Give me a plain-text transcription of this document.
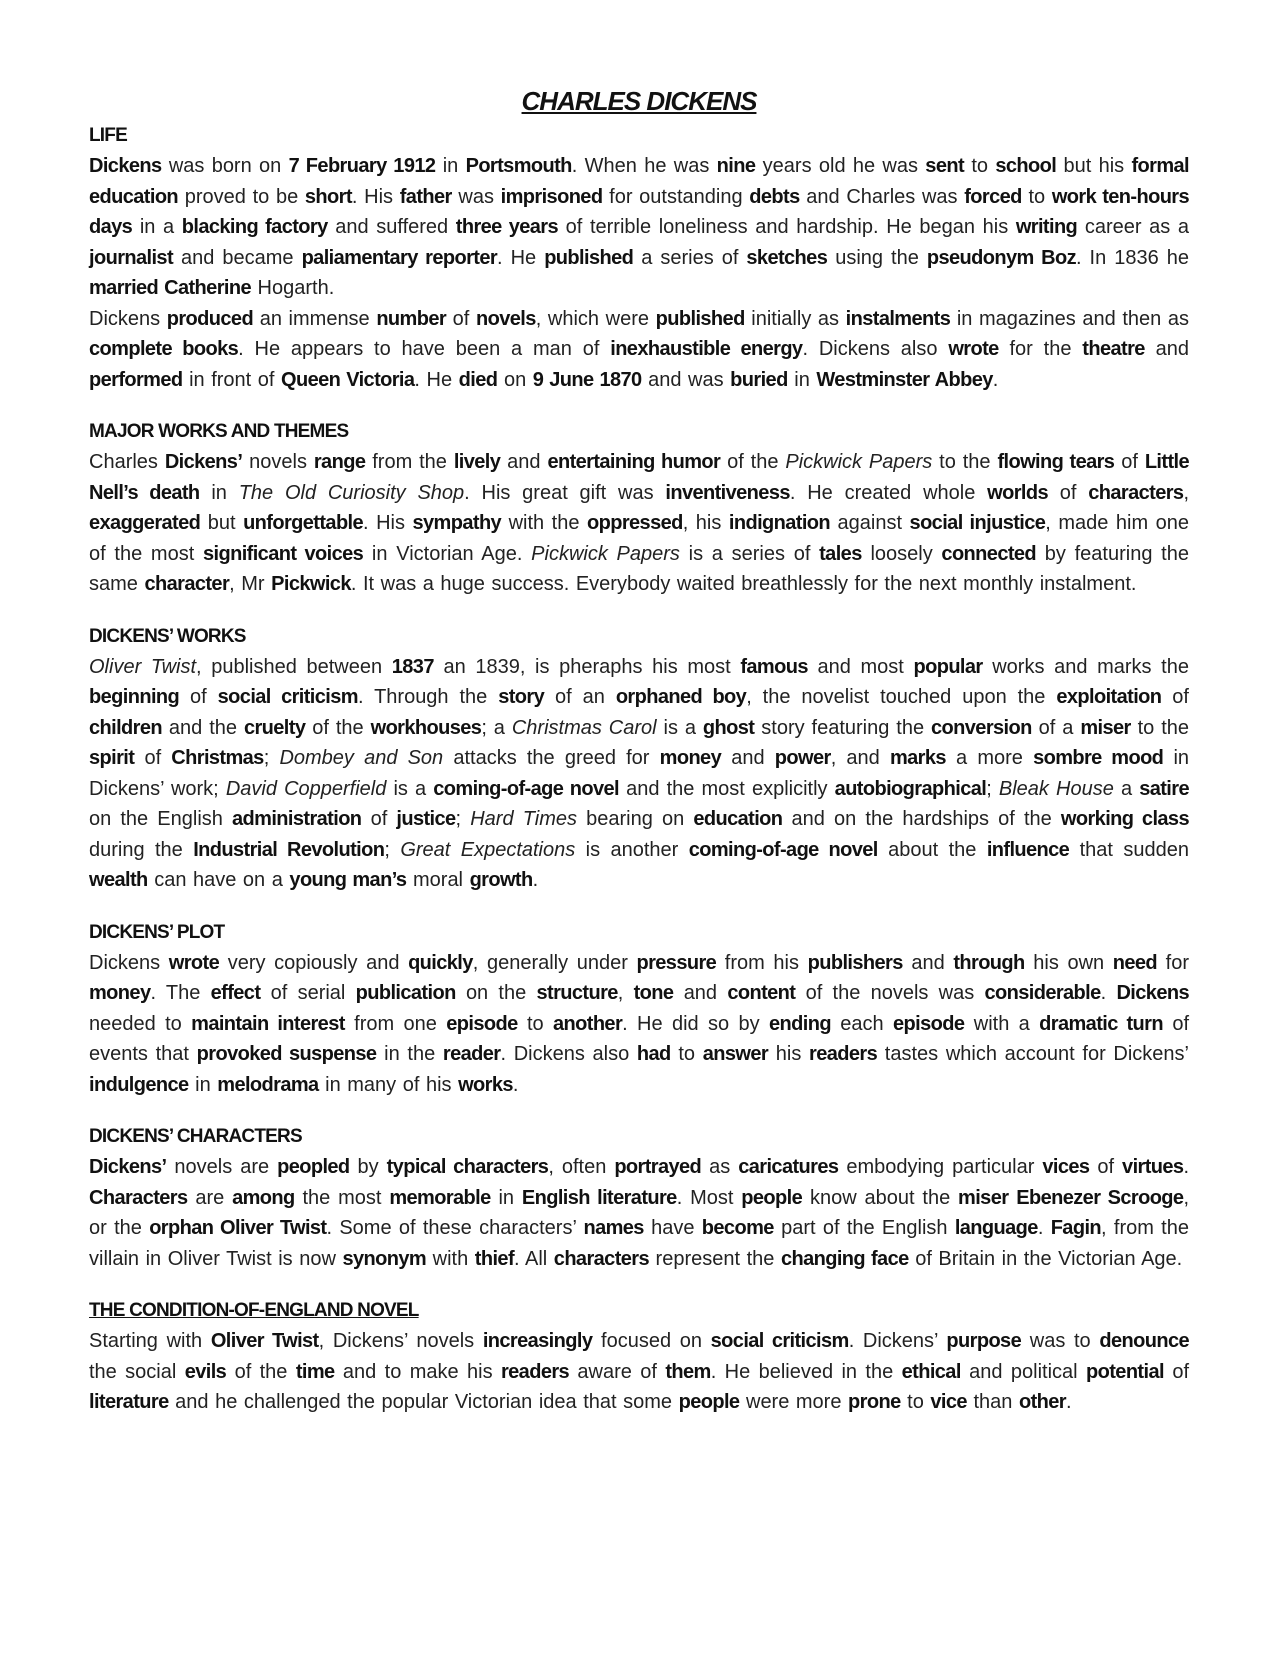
CHARLES DICKENS
LIFE

Dickens was born on 7 February 1912 in Portsmouth. When he was nine years old he was sent to school but his formal education proved to be short. His father was imprisoned for outstanding debts and Charles was forced to work ten-hours days in a blacking factory and suffered three years of terrible loneliness and hardship. He began his writing career as a journalist and became paliamentary reporter. He published a series of sketches using the pseudonym Boz. In 1836 he married Catherine Hogarth.

Dickens produced an immense number of novels, which were published initially as instalments in magazines and then as complete books. He appears to have been a man of inexhaustible energy. Dickens also wrote for the theatre and performed in front of Queen Victoria. He died on 9 June 1870 and was buried in Westminster Abbey.

MAJOR WORKS AND THEMES

Charles Dickens’ novels range from the lively and entertaining humor of the Pickwick Papers to the flowing tears of Little Nell’s death in The Old Curiosity Shop. His great gift was inventiveness. He created whole worlds of characters, exaggerated but unforgettable. His sympathy with the oppressed, his indignation against social injustice, made him one of the most significant voices in Victorian Age. Pickwick Papers is a series of tales loosely connected by featuring the same character, Mr Pickwick. It was a huge success. Everybody waited breathlessly for the next monthly instalment.

DICKENS’ WORKS

Oliver Twist, published between 1837 an 1839, is pheraphs his most famous and most popular works and marks the beginning of social criticism. Through the story of an orphaned boy, the novelist touched upon the exploitation of children and the cruelty of the workhouses; a Christmas Carol is a ghost story featuring the conversion of a miser to the spirit of Christmas; Dombey and Son attacks the greed for money and power, and marks a more sombre mood in Dickens’ work; David Copperfield is a coming-of-age novel and the most explicitly autobiographical; Bleak House a satire on the English administration of justice; Hard Times bearing on education and on the hardships of the working class during the Industrial Revolution; Great Expectations is another coming-of-age novel about the influence that sudden wealth can have on a young man’s moral growth.

DICKENS’ PLOT

Dickens wrote very copiously and quickly, generally under pressure from his publishers and through his own need for money. The effect of serial publication on the structure, tone and content of the novels was considerable. Dickens needed to maintain interest from one episode to another. He did so by ending each episode with a dramatic turn of events that provoked suspense in the reader. Dickens also had to answer his readers tastes which account for Dickens’ indulgence in melodrama in many of his works.

DICKENS’ CHARACTERS

Dickens’ novels are peopled by typical characters, often portrayed as caricatures embodying particular vices of virtues. Characters are among the most memorable in English literature. Most people know about the miser Ebenezer Scrooge, or the orphan Oliver Twist. Some of these characters’ names have become part of the English language. Fagin, from the villain in Oliver Twist is now synonym with thief. All characters represent the changing face of Britain in the Victorian Age.

THE CONDITION-OF-ENGLAND NOVEL

Starting with Oliver Twist, Dickens’ novels increasingly focused on social criticism. Dickens’ purpose was to denounce the social evils of the time and to make his readers aware of them. He believed in the ethical and political potential of literature and he challenged the popular Victorian idea that some people were more prone to vice than other.
